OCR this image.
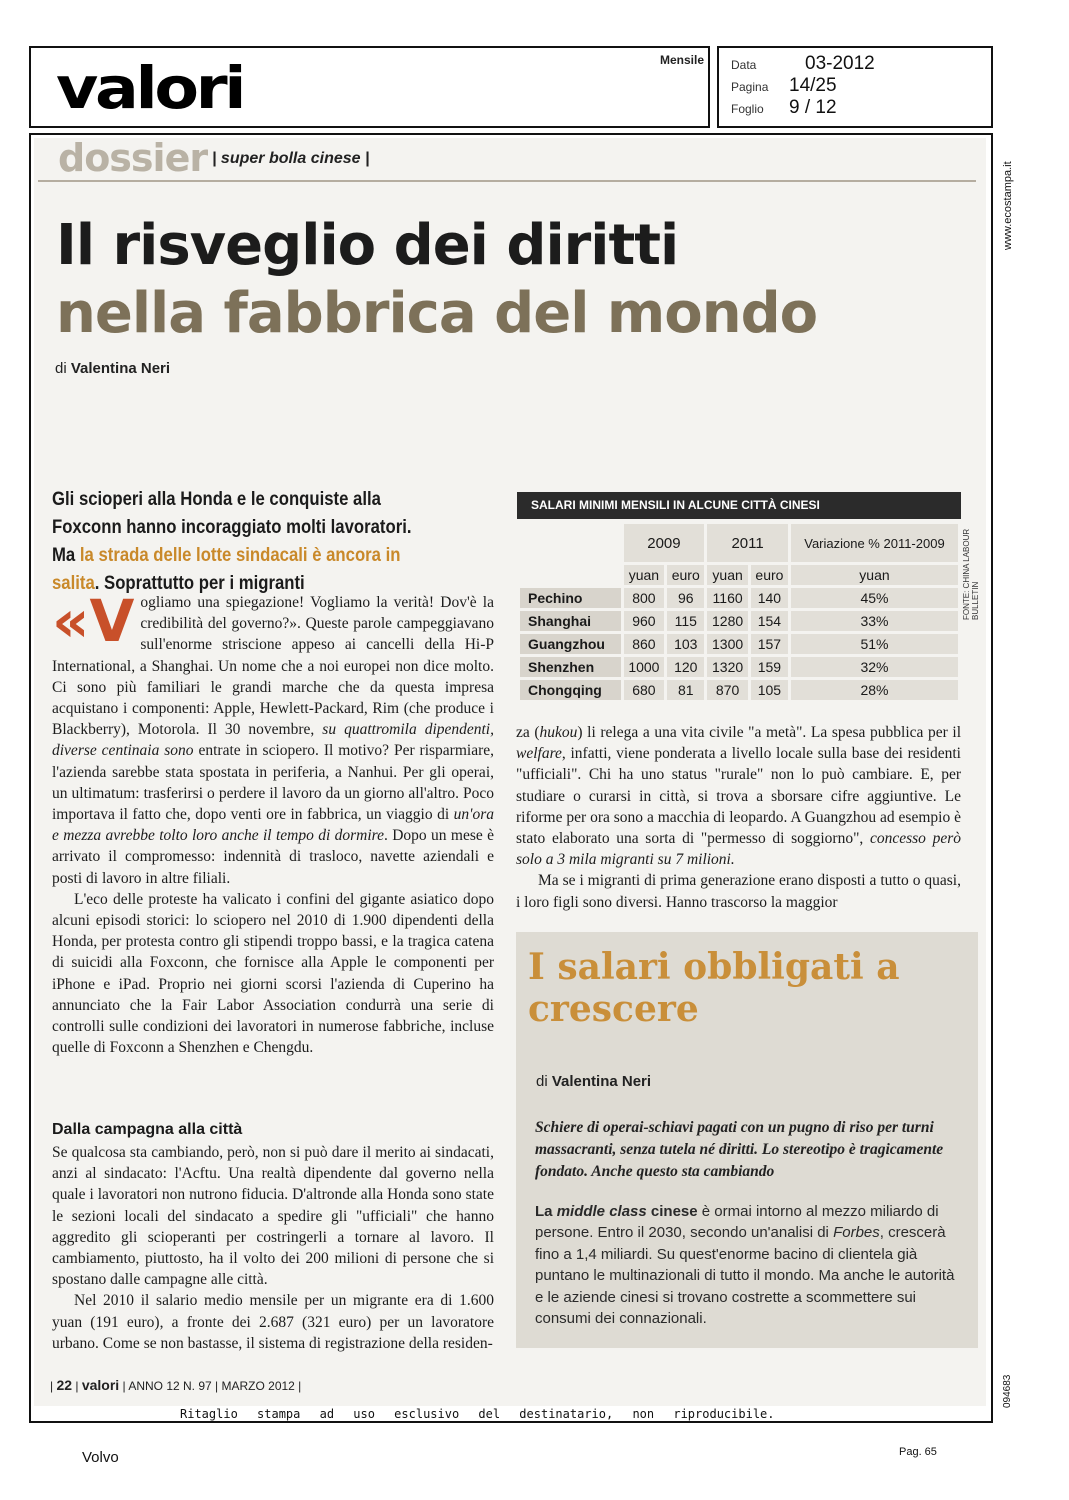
valori	Mensile Data	03-2012
Pagina 14/25
Foglio 9 / 12
dossier | super bolla cinese |
Il risveglio dei diritti
nella fabbrica del mondo
di Valentina Neri
Gli scioperi alla Honda e le conquiste alla Foxconn hanno incoraggiato molti lavoratori. Ma la strada delle lotte sindacali è ancora in salita. Soprattutto per i migranti
SALARI MINIMI MENSILI IN ALCUNE CITTÀ CINESI
	2009		2011		Variazione % 2011-2009
	yuan	euro	yuan	euro	yuan
Pechino	800	96	1160	140	45%
Shanghai	960	115	1280	154	33%
Guangzhou	860	103	1300	157	51%
Shenzhen	1000	120	1320	159	32%
Chongqing	680	81	870	105	28%
FONTE: CHINA LABOUR BULLETIN
«V ogliamo una spiegazione! Vogliamo la verità! Dov'è la credibilità del governo?». Queste parole campeggiavano sull'enorme striscione appeso ai cancelli della Hi-P International, a Shanghai. Un nome che a noi europei non dice molto. Ci sono più familiari le grandi marche che da questa impresa acquistano i componenti: Apple, Hewlett-Packard, Rim (che produce i Blackberry), Motorola. Il 30 novembre, su quattromila dipendenti, diverse centinaia sono entrate in sciopero. Il motivo? Per risparmiare, l'azienda sarebbe stata spostata in periferia, a Nanhui. Per gli operai, un ultimatum: trasferirsi o perdere il lavoro da un giorno all'altro. Poco importava il fatto che, dopo venti ore in fabbrica, un viaggio di un'ora e mezza avrebbe tolto loro anche il tempo di dormire. Dopo un mese è arrivato il compromesso: indennità di trasloco, navette aziendali e posti di lavoro in altre filiali.

L'eco delle proteste ha valicato i confini del gigante asiatico dopo alcuni episodi storici: lo sciopero nel 2010 di 1.900 dipendenti della Honda, per protesta contro gli stipendi troppo bassi, e la tragica catena di suicidi alla Foxconn, che fornisce alla Apple le componenti per iPhone e iPad. Proprio nei giorni scorsi l'azienda di Cuperino ha annunciato che la Fair Labor Association condurrà una serie di controlli sulle condizioni dei lavoratori in numerose fabbriche, incluse quelle di Foxconn a Shenzhen e Chengdu.

Dalla campagna alla città

Se qualcosa sta cambiando, però, non si può dare il merito ai sindacati, anzi al sindacato: l'Acftu. Una realtà dipendente dal governo nella quale i lavoratori non nutrono fiducia. D'altronde alla Honda sono state le sezioni locali del sindacato a spedire gli "ufficiali" che hanno aggredito gli scioperanti per costringerli a tornare al lavoro. Il cambiamento, piuttosto, ha il volto dei 200 milioni di persone che si spostano dalle campagne alle città.

Nel 2010 il salario medio mensile per un migrante era di 1.600 yuan (191 euro), a fronte dei 2.687 (321 euro) per un lavoratore urbano. Come se non bastasse, il sistema di registrazione della residen-

za (hukou) li relega a una vita civile "a metà". La spesa pubblica per il welfare, infatti, viene ponderata a livello locale sulla base dei residenti "ufficiali". Chi ha uno status "rurale" non lo può cambiare. E, per studiare o curarsi in città, si trova a sborsare cifre aggiuntive. Le riforme per ora sono a macchia di leopardo. A Guangzhou ad esempio è stato elaborato una sorta di "permesso di soggiorno", concesso però solo a 3 mila migranti su 7 milioni.

Ma se i migranti di prima generazione erano disposti a tutto o quasi, i loro figli sono diversi. Hanno trascorso la maggior

I salari obbligati a crescere
di Valentina Neri
Schiere di operai-schiavi pagati con un pugno di riso per turni massacranti, senza tutela né diritti. Lo stereotipo è tragicamente fondato. Anche questo sta cambiando
La middle class cinese è ormai intorno al mezzo miliardo di persone. Entro il 2030, secondo un'analisi di Forbes, crescerà fino a 1,4 miliardi. Su quest'enorme bacino di clientela già puntano le multinazionali di tutto il mondo. Ma anche le autorità e le aziende cinesi si trovano costrette a scommettere sui consumi dei connazionali.
| 22 | valori | ANNO 12 N. 97 | MARZO 2012 |
Ritaglio stampa ad uso esclusivo del destinatario, non riproducibile.
www.ecostampa.it
094683
Volvo	Pag. 65
